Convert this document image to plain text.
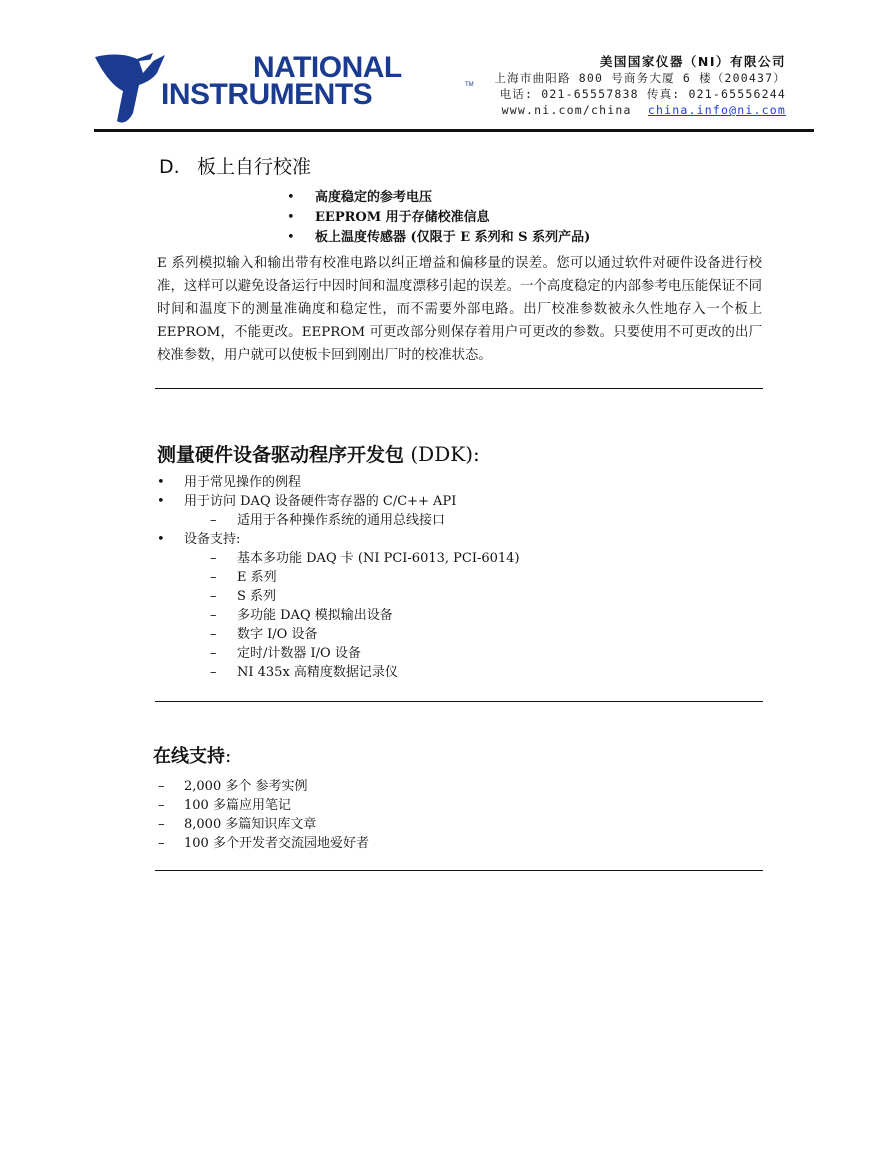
NATIONAL
INSTRUMENTS	TM
美国国家仪器（NI）有限公司
上海市曲阳路 800 号商务大厦 6 楼（200437）
电话: 021-65557838 传真: 021-65556244
www.ni.com/china china.info@ni.com
D. 板上自行校准
• 高度稳定的参考电压
• EEPROM 用于存储校准信息
• 板上温度传感器 (仅限于 E 系列和 S 系列产品)
E 系列模拟输入和输出带有校准电路以纠正增益和偏移量的误差。您可以通过软件对硬件设备进行校准，这样可以避免设备运行中因时间和温度漂移引起的误差。一个高度稳定的内部参考电压能保证不同时间和温度下的测量准确度和稳定性，而不需要外部电路。出厂校准参数被永久性地存入一个板上 EEPROM，不能更改。EEPROM 可更改部分则保存着用户可更改的参数。只要使用不可更改的出厂校准参数，用户就可以使板卡回到刚出厂时的校准状态。
测量硬件设备驱动程序开发包 (DDK):
• 用于常见操作的例程
• 用于访问 DAQ 设备硬件寄存器的 C/C++ API
– 适用于各种操作系统的通用总线接口
• 设备支持:
– 基本多功能 DAQ 卡 (NI PCI-6013, PCI-6014)
– E 系列
– S 系列
– 多功能 DAQ 模拟输出设备
– 数字 I/O 设备
– 定时/计数器 I/O 设备
– NI 435x 高精度数据记录仪
在线支持:
– 2,000 多个 参考实例
– 100 多篇应用笔记
– 8,000 多篇知识库文章
– 100 多个开发者交流园地爱好者
